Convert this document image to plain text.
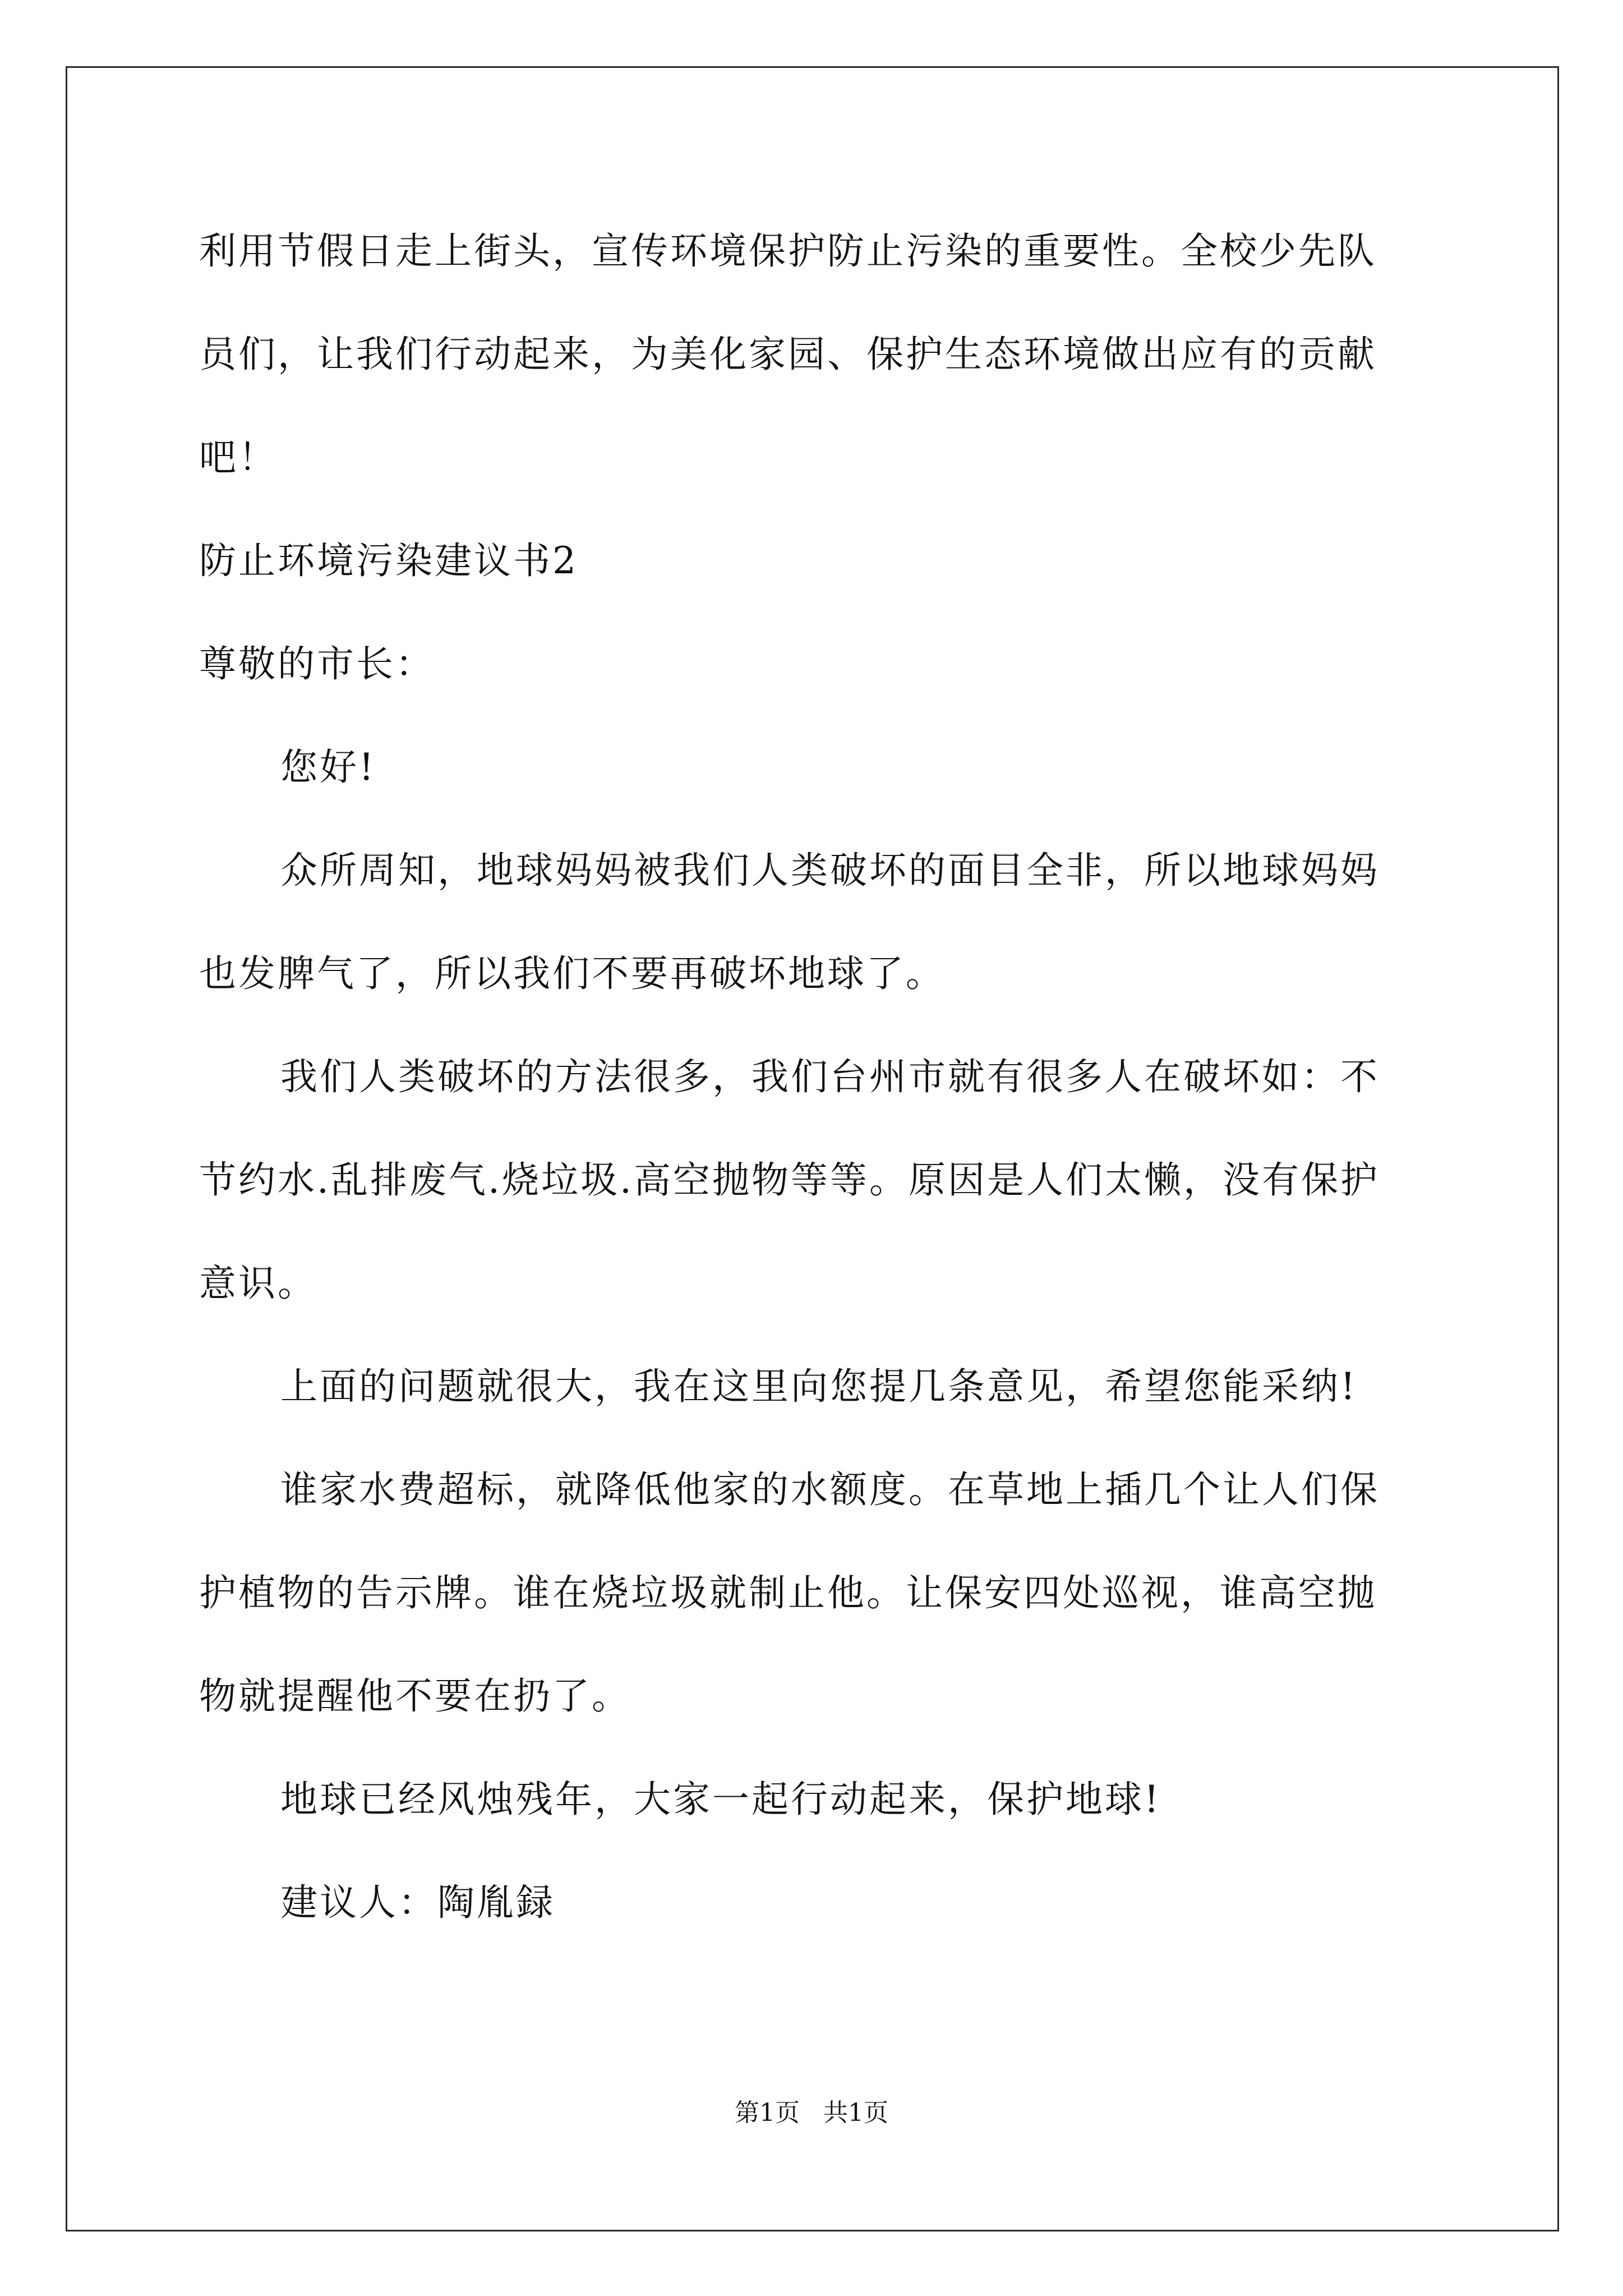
利用节假日走上街头，宣传环境保护防止污染的重要性。全校少先队
员们，让我们行动起来，为美化家园、保护生态环境做出应有的贡献
吧！
防止环境污染建议书2
尊敬的市长：
您好!
众所周知，地球妈妈被我们人类破坏的面目全非，所以地球妈妈
也发脾气了，所以我们不要再破坏地球了。
我们人类破坏的方法很多，我们台州市就有很多人在破坏如：不
节约水.乱排废气.烧垃圾.高空抛物等等。原因是人们太懒，没有保护
意识。
上面的问题就很大，我在这里向您提几条意见，希望您能采纳!
谁家水费超标，就降低他家的水额度。在草地上插几个让人们保
护植物的告示牌。谁在烧垃圾就制止他。让保安四处巡视，谁高空抛
物就提醒他不要在扔了。
地球已经风烛残年，大家一起行动起来，保护地球!
建议人：陶胤録
第1页   共1页
